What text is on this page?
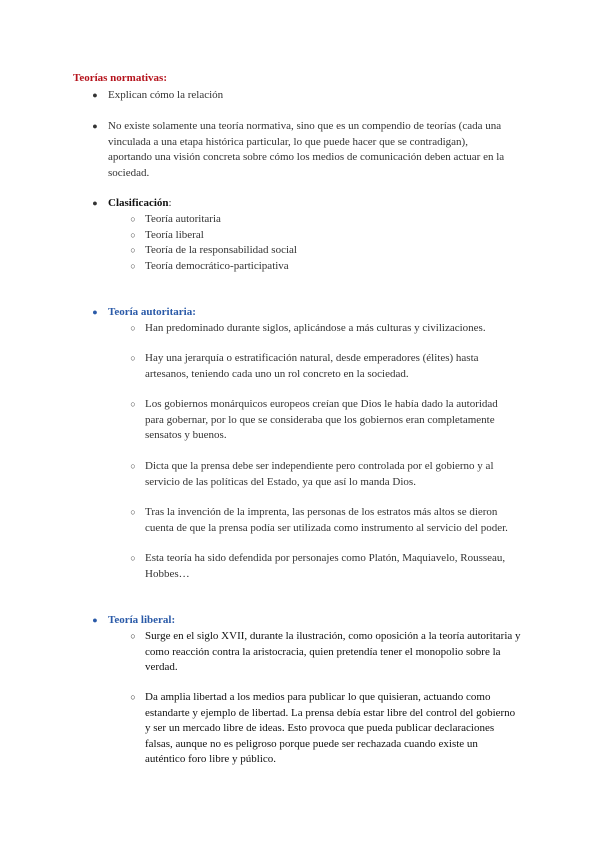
Teorías normativas:
● Explican cómo la relación
● No existe solamente una teoría normativa, sino que es un compendio de teorías (cada una
vinculada a una etapa histórica particular, lo que puede hacer que se contradigan),
aportando una visión concreta sobre cómo los medios de comunicación deben actuar en la
sociedad.
● Clasificación:
○ Teoría autoritaria
○ Teoría liberal
○ Teoría de la responsabilidad social
○ Teoría democrático-participativa
● Teoría autoritaria:
○ Han predominado durante siglos, aplicándose a más culturas y civilizaciones.
○ Hay una jerarquía o estratificación natural, desde emperadores (élites) hasta
artesanos, teniendo cada uno un rol concreto en la sociedad.
○ Los gobiernos monárquicos europeos creían que Dios le había dado la autoridad
para gobernar, por lo que se consideraba que los gobiernos eran completamente
sensatos y buenos.
○ Dicta que la prensa debe ser independiente pero controlada por el gobierno y al
servicio de las políticas del Estado, ya que así lo manda Dios.
○ Tras la invención de la imprenta, las personas de los estratos más altos se dieron
cuenta de que la prensa podía ser utilizada como instrumento al servicio del poder.
○ Esta teoría ha sido defendida por personajes como Platón, Maquiavelo, Rousseau,
Hobbes…
● Teoría liberal:
○ Surge en el siglo XVII, durante la ilustración, como oposición a la teoría autoritaria y
como reacción contra la aristocracia, quien pretendía tener el monopolio sobre la
verdad.
○ Da amplia libertad a los medios para publicar lo que quisieran, actuando como
estandarte y ejemplo de libertad. La prensa debía estar libre del control del gobierno
y ser un mercado libre de ideas. Esto provoca que pueda publicar declaraciones
falsas, aunque no es peligroso porque puede ser rechazada cuando existe un
auténtico foro libre y público.
